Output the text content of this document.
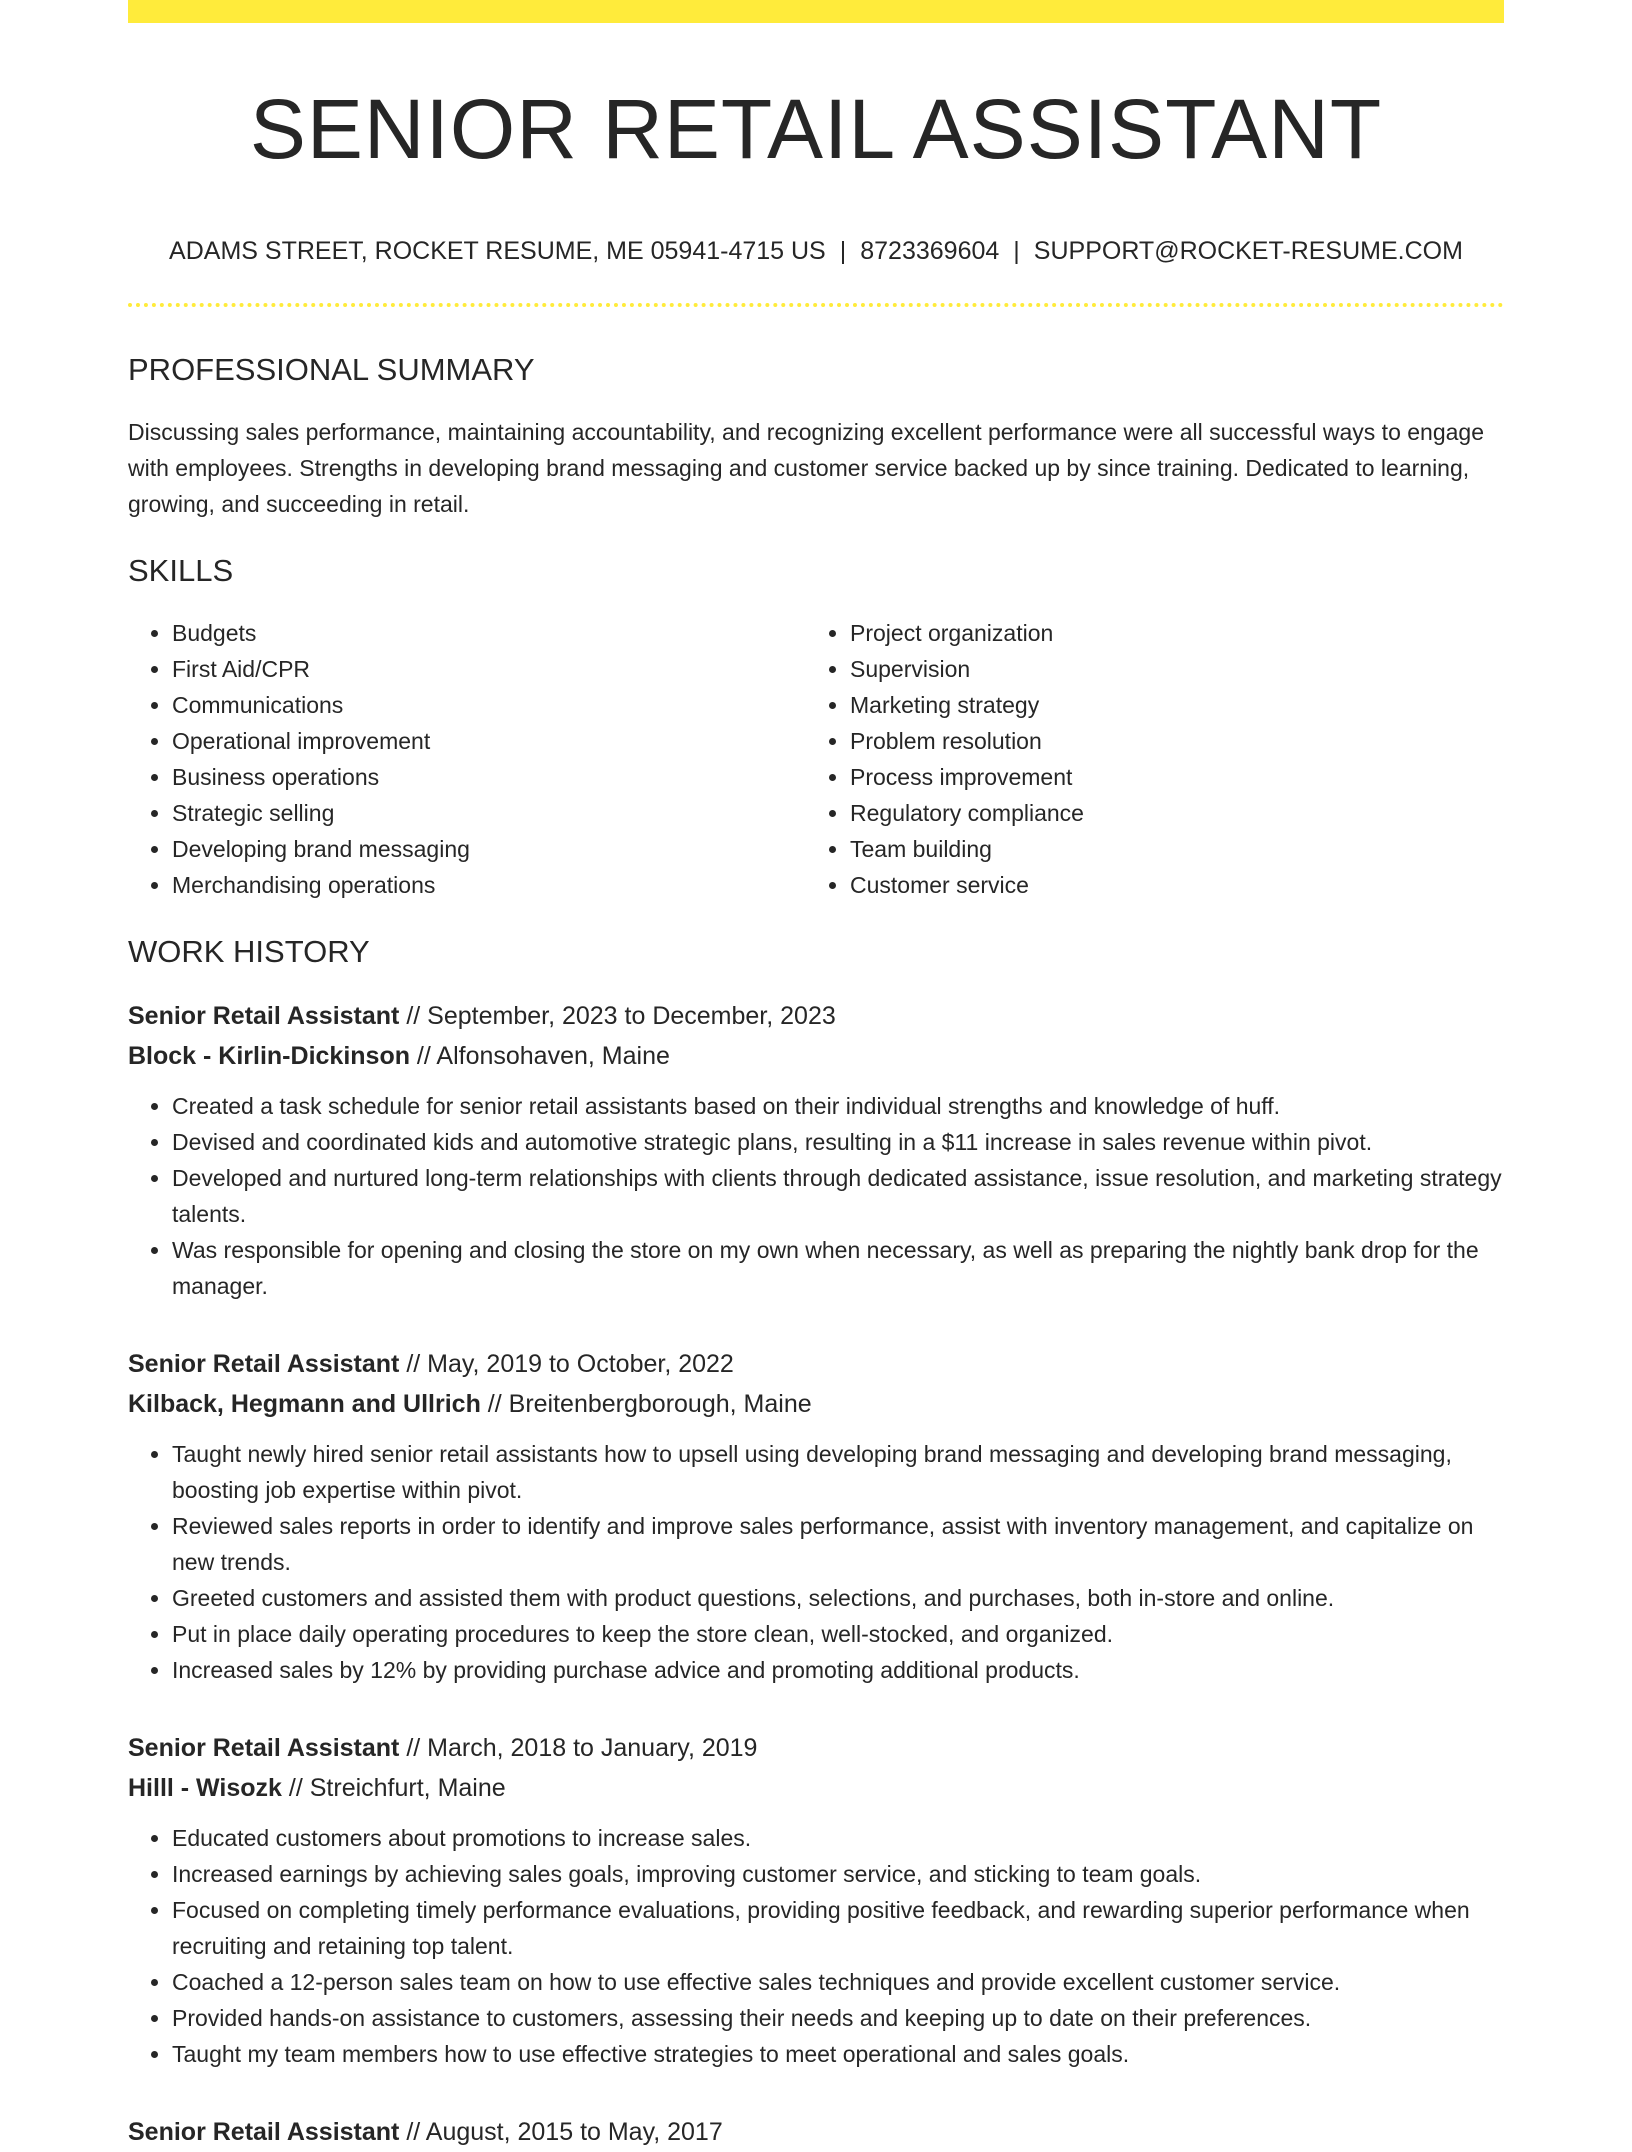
SENIOR RETAIL ASSISTANT
ADAMS STREET, ROCKET RESUME, ME 05941-4715 US | 8723369604 | SUPPORT@ROCKET-RESUME.COM
PROFESSIONAL SUMMARY

Discussing sales performance, maintaining accountability, and recognizing excellent performance were all successful ways to engage with employees. Strengths in developing brand messaging and customer service backed up by since training. Dedicated to learning, growing, and succeeding in retail.

SKILLS
• Budgets
• First Aid/CPR
• Communications
• Operational improvement
• Business operations
• Strategic selling
• Developing brand messaging
• Merchandising operations
• Project organization
• Supervision
• Marketing strategy
• Problem resolution
• Process improvement
• Regulatory compliance
• Team building
• Customer service
WORK HISTORY
Senior Retail Assistant // September, 2023 to December, 2023
Block - Kirlin-Dickinson // Alfonsohaven, Maine
• Created a task schedule for senior retail assistants based on their individual strengths and knowledge of huff.
• Devised and coordinated kids and automotive strategic plans, resulting in a $11 increase in sales revenue within pivot.
• Developed and nurtured long-term relationships with clients through dedicated assistance, issue resolution, and marketing strategy talents.
• Was responsible for opening and closing the store on my own when necessary, as well as preparing the nightly bank drop for the manager.
Senior Retail Assistant // May, 2019 to October, 2022
Kilback, Hegmann and Ullrich // Breitenbergborough, Maine
• Taught newly hired senior retail assistants how to upsell using developing brand messaging and developing brand messaging, boosting job expertise within pivot.
• Reviewed sales reports in order to identify and improve sales performance, assist with inventory management, and capitalize on new trends.
• Greeted customers and assisted them with product questions, selections, and purchases, both in-store and online.
• Put in place daily operating procedures to keep the store clean, well-stocked, and organized.
• Increased sales by 12% by providing purchase advice and promoting additional products.
Senior Retail Assistant // March, 2018 to January, 2019
Hilll - Wisozk // Streichfurt, Maine
• Educated customers about promotions to increase sales.
• Increased earnings by achieving sales goals, improving customer service, and sticking to team goals.
• Focused on completing timely performance evaluations, providing positive feedback, and rewarding superior performance when recruiting and retaining top talent.
• Coached a 12-person sales team on how to use effective sales techniques and provide excellent customer service.
• Provided hands-on assistance to customers, assessing their needs and keeping up to date on their preferences.
• Taught my team members how to use effective strategies to meet operational and sales goals.
Senior Retail Assistant // August, 2015 to May, 2017
